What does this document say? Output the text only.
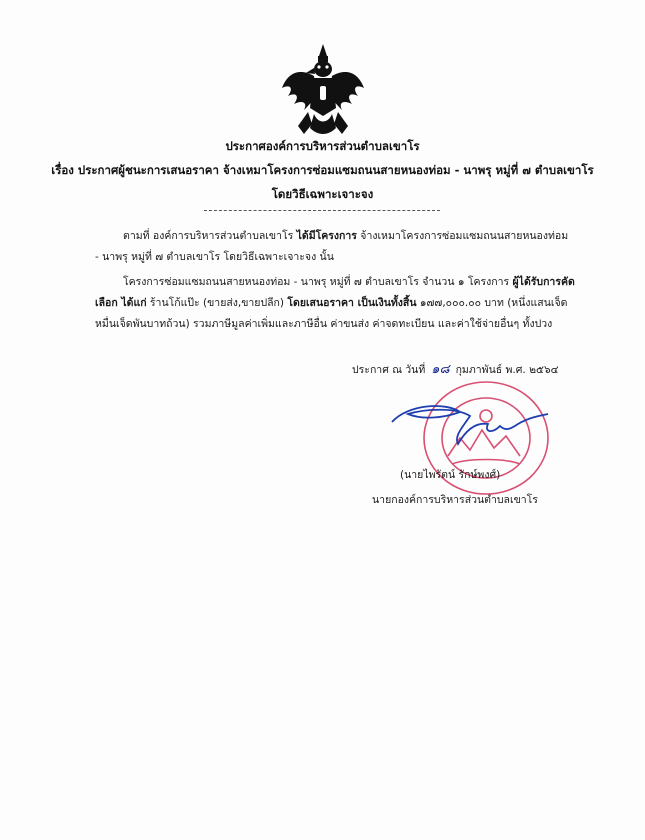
ประกาศองค์การบริหารส่วนตำบลเขาโร
เรื่อง ประกาศผู้ชนะการเสนอราคา จ้างเหมาโครงการซ่อมแซมถนนสายหนองท่อม - นาพรุ หมู่ที่ ๗ ตำบลเขาโร
โดยวิธีเฉพาะเจาะจง
ตามที่ องค์การบริหารส่วนตำบลเขาโร ได้มีโครงการ จ้างเหมาโครงการซ่อมแซมถนนสายหนองท่อม - นาพรุ หมู่ที่ ๗ ตำบลเขาโร โดยวิธีเฉพาะเจาะจง นั้น
โครงการซ่อมแซมถนนสายหนองท่อม - นาพรุ หมู่ที่ ๗ ตำบลเขาโร จำนวน ๑ โครงการ ผู้ได้รับการคัดเลือก ได้แก่ ร้านโก้แป๊ะ (ขายส่ง,ขายปลีก) โดยเสนอราคา เป็นเงินทั้งสิ้น ๑๗๗,๐๐๐.๐๐ บาท (หนึ่งแสนเจ็ดหมื่นเจ็ดพันบาทถ้วน) รวมภาษีมูลค่าเพิ่มและภาษีอื่น ค่าขนส่ง ค่าจดทะเบียน และค่าใช้จ่ายอื่นๆ ทั้งปวง
ประกาศ ณ วันที่ ๑๘ กุมภาพันธ์ พ.ศ. ๒๕๖๔
(นายไพรัตน์ รักษ์พงศ์)
นายกองค์การบริหารส่วนตำบลเขาโร
